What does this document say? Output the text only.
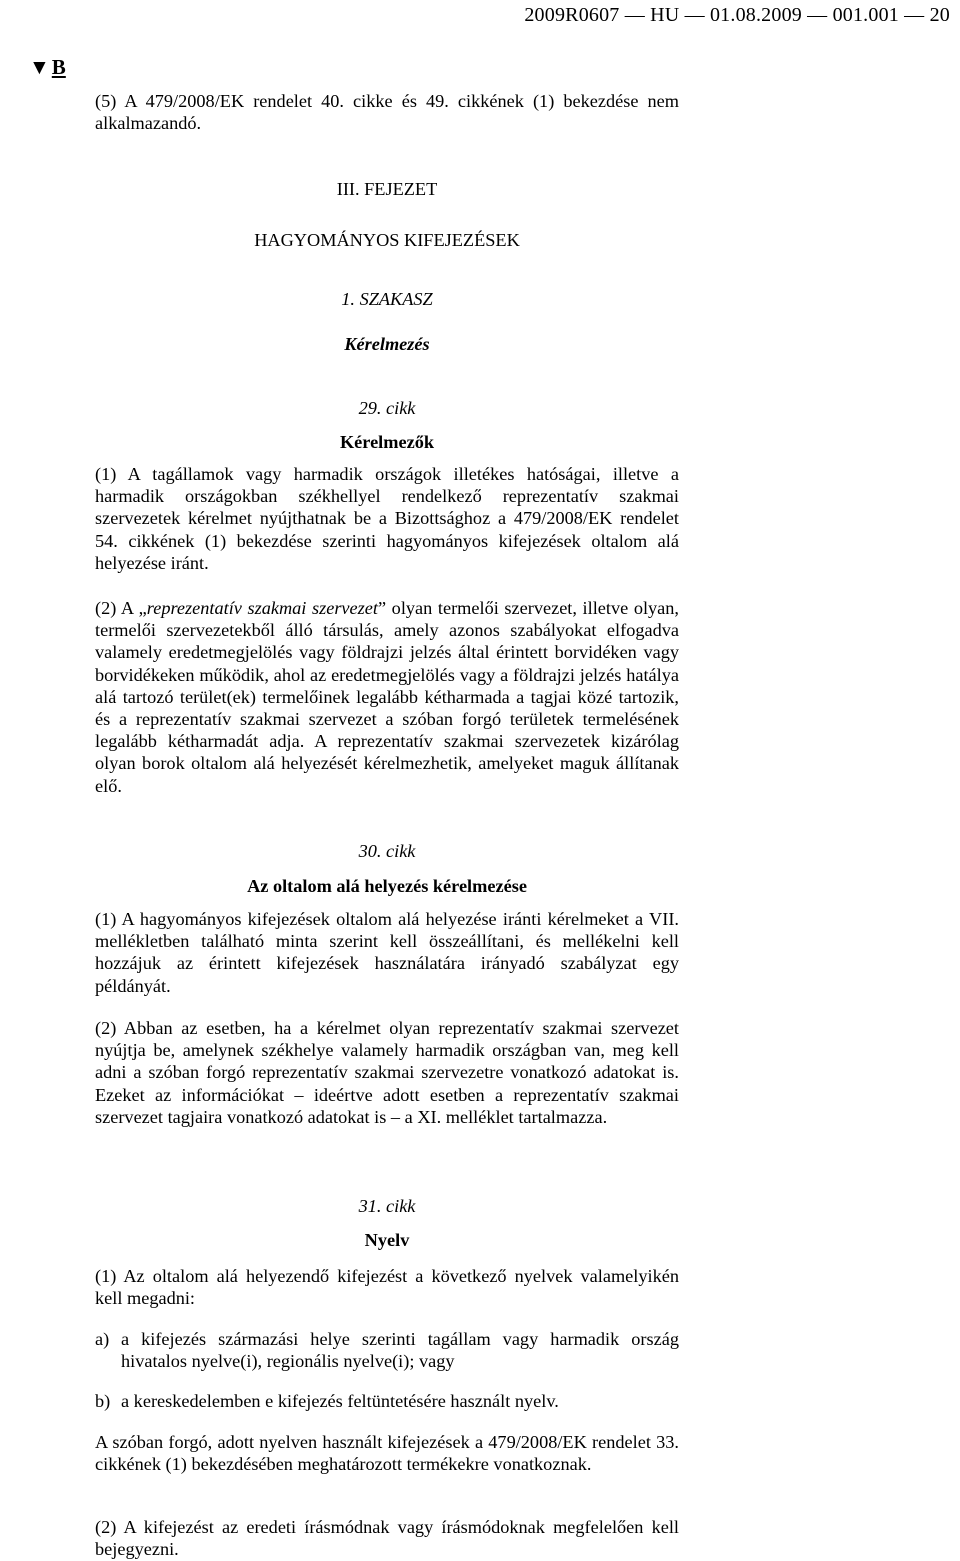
2009R0607 — HU — 01.08.2009 — 001.001 — 20
▼B

(5) A 479/2008/EK rendelet 40. cikke és 49. cikkének (1) bekezdése nem alkalmazandó.

III. FEJEZET
HAGYOMÁNYOS KIFEJEZÉSEK
1. SZAKASZ
Kérelmezés
29. cikk
Kérelmezők

(1) A tagállamok vagy harmadik országok illetékes hatóságai, illetve a harmadik országokban székhellyel rendelkező reprezentatív szakmai szervezetek kérelmet nyújthatnak be a Bizottsághoz a 479/2008/EK rendelet 54. cikkének (1) bekezdése szerinti hagyományos kifejezések oltalom alá helyezése iránt.

(2) A „reprezentatív szakmai szervezet” olyan termelői szervezet, illetve olyan, termelői szervezetekből álló társulás, amely azonos szabályokat elfogadva valamely eredetmegjelölés vagy földrajzi jelzés által érintett borvidéken vagy borvidékeken működik, ahol az eredetmegjelölés vagy a földrajzi jelzés hatálya alá tartozó terület(ek) termelőinek legalább kétharmada a tagjai közé tartozik, és a reprezentatív szakmai szervezet a szóban forgó területek termelésének legalább kétharmadát adja. A reprezentatív szakmai szervezetek kizárólag olyan borok oltalom alá helyezését kérelmezhetik, amelyeket maguk állítanak elő.

30. cikk
Az oltalom alá helyezés kérelmezése

(1) A hagyományos kifejezések oltalom alá helyezése iránti kérelmeket a VII. mellékletben található minta szerint kell összeállítani, és mellékelni kell hozzájuk az érintett kifejezések használatára irányadó szabályzat egy példányát.

(2) Abban az esetben, ha a kérelmet olyan reprezentatív szakmai szervezet nyújtja be, amelynek székhelye valamely harmadik országban van, meg kell adni a szóban forgó reprezentatív szakmai szervezetre vonatkozó adatokat is. Ezeket az információkat – ideértve adott esetben a reprezentatív szakmai szervezet tagjaira vonatkozó adatokat is – a XI. melléklet tartalmazza.

31. cikk
Nyelv

(1) Az oltalom alá helyezendő kifejezést a következő nyelvek valamelyikén kell megadni:

a) a kifejezés származási helye szerinti tagállam vagy harmadik ország hivatalos nyelve(i), regionális nyelve(i); vagy
b) a kereskedelemben e kifejezés feltüntetésére használt nyelv.

A szóban forgó, adott nyelven használt kifejezések a 479/2008/EK rendelet 33. cikkének (1) bekezdésében meghatározott termékekre vonatkoznak.

(2) A kifejezést az eredeti írásmódnak vagy írásmódoknak megfelelően kell bejegyezni.
